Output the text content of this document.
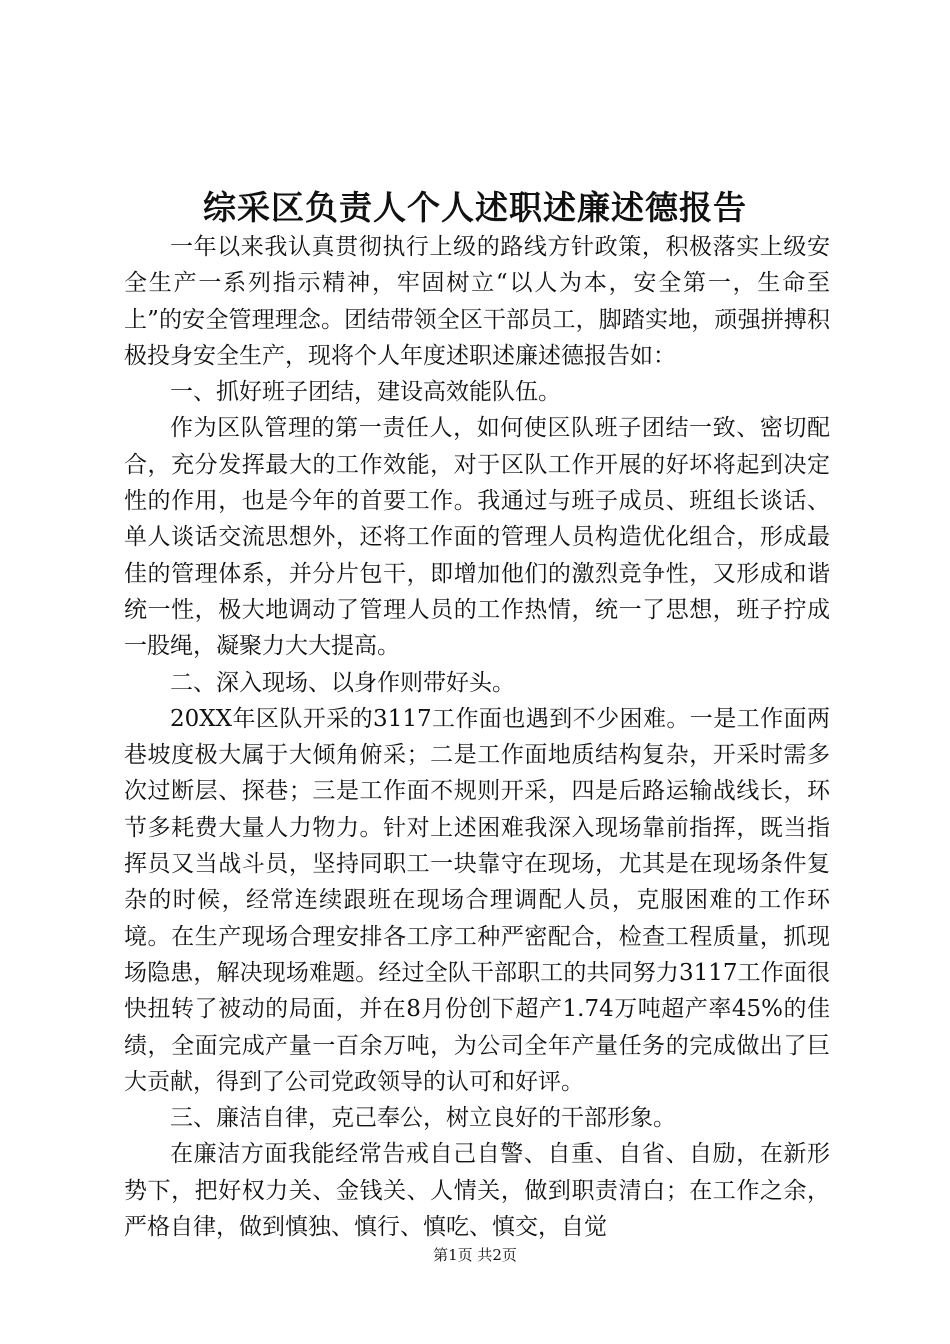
综采区负责人个人述职述廉述德报告

一年以来我认真贯彻执行上级的路线方针政策，积极落实上级安全生产一系列指示精神，牢固树立“以人为本，安全第一，生命至上”的安全管理理念。团结带领全区干部员工，脚踏实地，顽强拼搏积极投身安全生产，现将个人年度述职述廉述德报告如：

一、抓好班子团结，建设高效能队伍。

作为区队管理的第一责任人，如何使区队班子团结一致、密切配合，充分发挥最大的工作效能，对于区队工作开展的好坏将起到决定性的作用，也是今年的首要工作。我通过与班子成员、班组长谈话、单人谈话交流思想外，还将工作面的管理人员构造优化组合，形成最佳的管理体系，并分片包干，即增加他们的激烈竞争性，又形成和谐统一性，极大地调动了管理人员的工作热情，统一了思想，班子拧成一股绳，凝聚力大大提高。

二、深入现场、以身作则带好头。

20XX年区队开采的3117工作面也遇到不少困难。一是工作面两巷坡度极大属于大倾角俯采；二是工作面地质结构复杂，开采时需多次过断层、探巷；三是工作面不规则开采，四是后路运输战线长，环节多耗费大量人力物力。针对上述困难我深入现场靠前指挥，既当指挥员又当战斗员，坚持同职工一块靠守在现场，尤其是在现场条件复杂的时候，经常连续跟班在现场合理调配人员，克服困难的工作环境。在生产现场合理安排各工序工种严密配合，检查工程质量，抓现场隐患，解决现场难题。经过全队干部职工的共同努力3117工作面很快扭转了被动的局面，并在8月份创下超产1.74万吨超产率45%的佳绩，全面完成产量一百余万吨，为公司全年产量任务的完成做出了巨大贡献，得到了公司党政领导的认可和好评。

三、廉洁自律，克己奉公，树立良好的干部形象。

在廉洁方面我能经常告戒自己自警、自重、自省、自励，在新形势下，把好权力关、金钱关、人情关，做到职责清白；在工作之余，严格自律，做到慎独、慎行、慎吃、慎交，自觉

第1页 共2页
